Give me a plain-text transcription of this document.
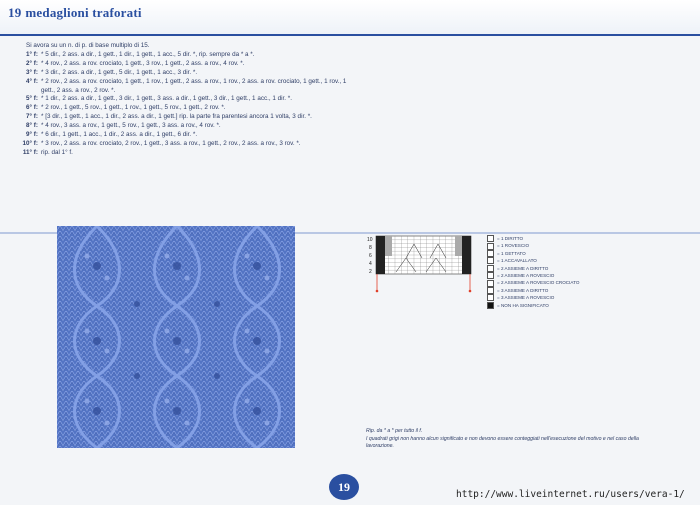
19 medaglioni traforati
Si avora su un n. di p. di base multiplo di 15.
1° f: * 5 dir., 2 ass. a dir., 1 gett., 1 dir., 1 gett., 1 acc., 5 dir. *, rip. sempre da * a *.
2° f: * 4 rov., 2 ass. a rov. crociato, 1 gett., 3 rov., 1 gett., 2 ass. a rov., 4 rov. *.
3° f: * 3 dir., 2 ass. a dir., 1 gett., 5 dir., 1 gett., 1 acc., 3 dir. *.
4° f: * 2 rov., 2 ass. a rov. crociato, 1 gett., 1 rov., 1 gett., 2 ass. a rov., 1 rov., 2 ass. a rov. crociato, 1 gett., 1 rov., 1 gett., 2 ass. a rov., 2 rov. *.
5° f: * 1 dir., 2 ass. a dir., 1 gett., 3 dir., 1 gett., 3 ass. a dir., 1 gett., 3 dir., 1 gett., 1 acc., 1 dir. *.
6° f: * 2 rov., 1 gett., 5 rov., 1 gett., 1 rov., 1 gett., 5 rov., 1 gett., 2 rov. *.
7° f: * [3 dir., 1 gett., 1 acc., 1 dir., 2 ass. a dir., 1 gett.] rip. la parte fra parentesi ancora 1 volta, 3 dir. *.
8° f: * 4 rov., 3 ass. a rov., 1 gett., 5 rov., 1 gett., 3 ass. a rov., 4 rov. *.
9° f: * 6 dir., 1 gett., 1 acc., 1 dir., 2 ass. a dir., 1 gett., 6 dir. *.
10° f: * 3 rov., 2 ass. a rov. crociato, 2 rov., 1 gett., 3 ass. a rov., 1 gett., 2 rov., 2 ass. a rov., 3 rov. *.
11° f: rip. dal 1° f.
10
8
6
4
2
= 1 DIRITTO
= 1 ROVESCIO
= 1 GETTATO
= 1 ACCAVALLATO
= 2 ASSIEME A DIRITTO
= 2 ASSIEME A ROVESCIO
= 2 ASSIEME A ROVESCIO CROCIATO
= 3 ASSIEME A DIRITTO
= 3 ASSIEME A ROVESCIO
= NON HA SIGNIFICATO
Rip. da * a * per tutto il f.
I quadrati grigi non hanno alcun significato e non devono essere conteggiati nell'esecuzione del motivo e nel caso della lavorazione.
19
http://www.liveinternet.ru/users/vera-1/
